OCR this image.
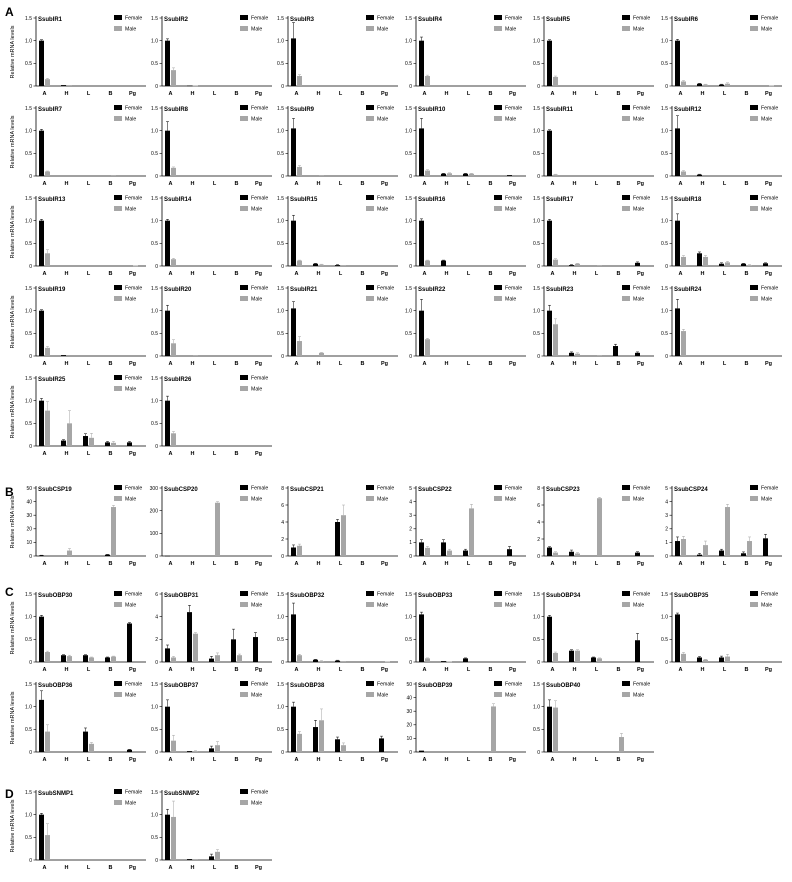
A
Relative mRNA levels
0
0.5
1.0
1.5 SsubIR1	Female
Male
A	H	L	B	Pg
0
0.5
1.0
1.5 SsubIR2	Female
Male
A	H	L	B	Pg
0
0.5
1.0
1.5 SsubIR3	Female
Male
A	H	L	B	Pg
0
0.5
1.0
1.5 SsubIR4	Female
Male
A	H	L	B	Pg
0
0.5
1.0
1.5 SsubIR5	Female
Male
A	H	L	B	Pg
0
0.5
1.0
1.5 SsubIR6	Female
Male
A	H	L	B	Pg
Relative mRNA levels
0
0.5
1.0
1.5 SsubIR7	Female
Male
A	H	L	B	Pg
0
0.5
1.0
1.5 SsubIR8	Female
Male
A	H	L	B	Pg
0
0.5
1.0
1.5 SsubIR9	Female
Male
A	H	L	B	Pg
0
0.5
1.0
1.5 SsubIR10	Female
Male
A	H	L	B	Pg
0
0.5
1.0
1.5 SsubIR11	Female
Male
A	H	L	B	Pg
0
0.5
1.0
1.5 SsubIR12	Female
Male
A	H	L	B	Pg
Relative mRNA levels
0
0.5
1.0
1.5 SsubIR13	Female
Male
A	H	L	B	Pg
0
0.5
1.0
1.5 SsubIR14	Female
Male
A	H	L	B	Pg
0
0.5
1.0
1.5 SsubIR15	Female
Male
A	H	L	B	Pg
0
0.5
1.0
1.5 SsubIR16	Female
Male
A	H	L	B	Pg
0
0.5
1.0
1.5 SsubIR17	Female
Male
A	H	L	B	Pg
0
0.5
1.0
1.5 SsubIR18	Female
Male
A	H	L	B	Pg
Relative mRNA levels
0
0.5
1.0
1.5 SsubIR19	Female
Male
A	H	L	B	Pg
0
0.5
1.0
1.5 SsubIR20	Female
Male
A	H	L	B	Pg
0
0.5
1.0
1.5 SsubIR21	Female
Male
A	H	L	B	Pg
0
0.5
1.0
1.5 SsubIR22	Female
Male
A	H	L	B	Pg
0
0.5
1.0
1.5 SsubIR23	Female
Male
A	H	L	B	Pg
0
0.5
1.0
1.5 SsubIR24	Female
Male
A	H	L	B	Pg
Relative mRNA levels
0
0.5
1.0
1.5 SsubIR25	Female
Male
A	H	L	B	Pg
0
0.5
1.0
1.5 SsubIR26	Female
Male
A	H	L	B	Pg
B
Relative mRNA levels
0
10
20
30
40
50 SsubCSP19	Female
Male
A	H	L	B	Pg
0
100
200
300 SsubCSP20	Female
Male
A	H	L	B	Pg
0
2
4
6
8 SsubCSP21	Female
Male
A	H	L	B	Pg
0
1
2
3
4
5 SsubCSP22	Female
Male
A	H	L	B	Pg
0
2
4
6
8 SsubCSP23	Female
Male
A	H	L	B	Pg
0
1
2
3
4
5 SsubCSP24	Female
Male
A	H	L	B	Pg
C
Relative mRNA levels
0
0.5
1.0
1.5 SsubOBP30	Female
Male
A	H	L	B	Pg
0
2
4
6 SsubOBP31	Female
Male
A	H	L	B	Pg
0
0.5
1.0
1.5 SsubOBP32	Female
Male
A	H	L	B	Pg
0
0.5
1.0
1.5 SsubOBP33	Female
Male
A	H	L	B	Pg
0
0.5
1.0
1.5 SsubOBP34	Female
Male
A	H	L	B	Pg
0
0.5
1.0
1.5 SsubOBP35	Female
Male
A	H	L	B	Pg
Relative mRNA levels
0
0.5
1.0
1.5 SsubOBP36	Female
Male
A	H	L	B	Pg
0
0.5
1.0
1.5 SsubOBP37	Female
Male
A	H	L	B	Pg
0
0.5
1.0
1.5 SsubOBP38	Female
Male
A	H	L	B	Pg
0
10
20
30
40
50 SsubOBP39	Female
Male
A	H	L	B	Pg
0
0.5
1.0
1.5 SsubOBP40	Female
Male
A	H	L	B	Pg
D
Relative mRNA levels
0
0.5
1.0
1.5 SsubSNMP1	Female
Male
A	H	L	B	Pg
0
0.5
1.0
1.5 SsubSNMP2	Female
Male
A	H	L	B	Pg
